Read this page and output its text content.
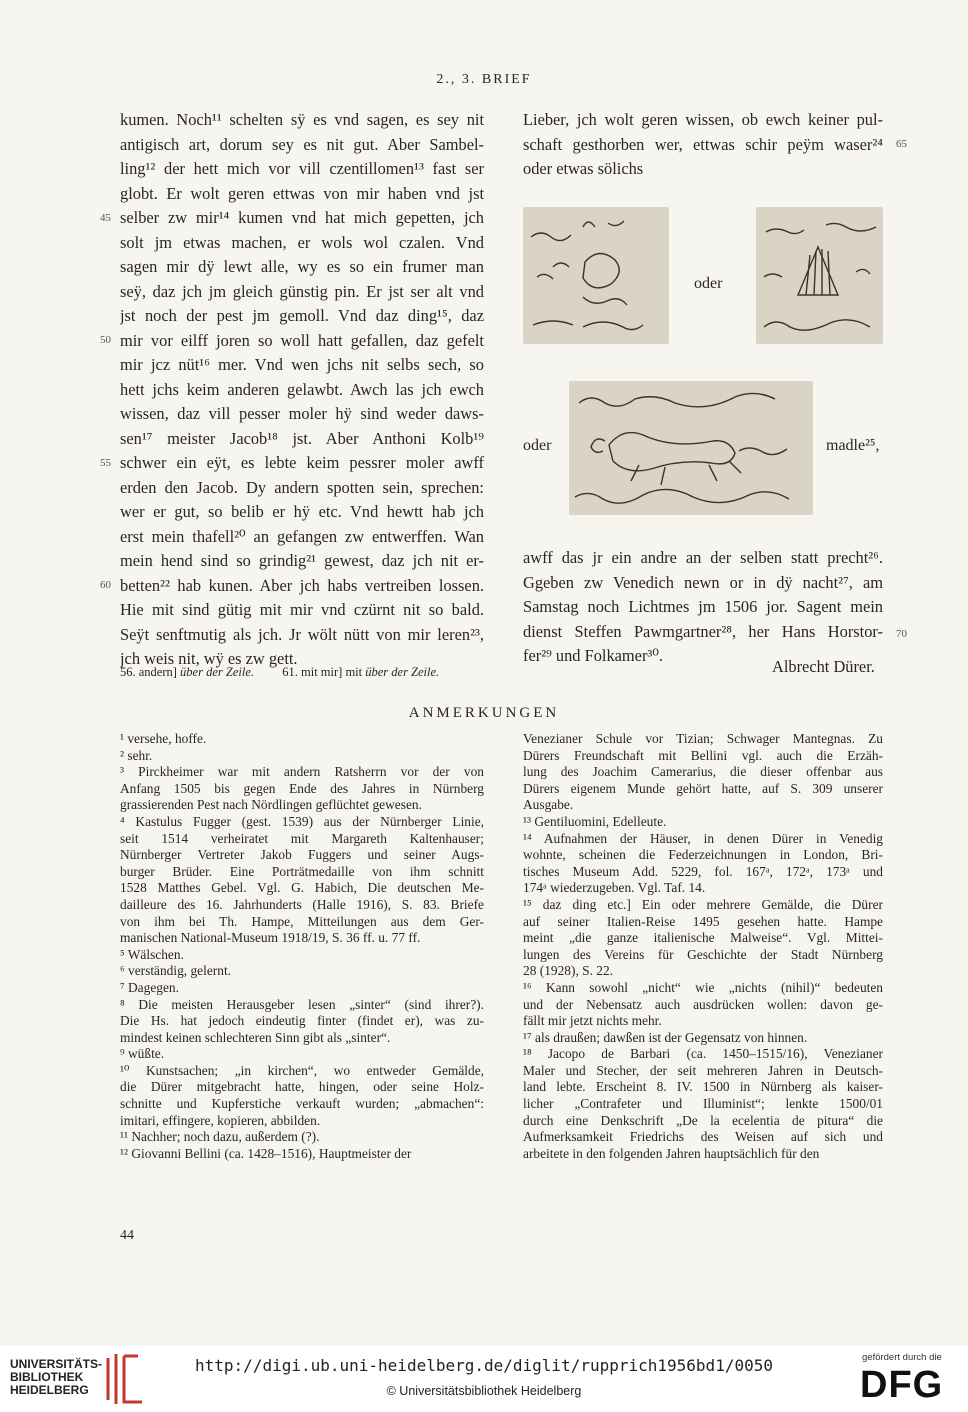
2., 3. BRIEF
kumen. Noch¹¹ schelten sÿ es vnd sagen, es sey nit
antigisch art, dorum sey es nit gut. Aber Sambel-
ling¹² der hett mich vor vill czentillomen¹³ fast ser
globt. Er wolt geren ettwas von mir haben vnd jst
selber zw mir¹⁴ kumen vnd hat mich gepetten, jch
solt jm etwas machen, er wols wol czalen. Vnd
sagen mir dÿ lewt alle, wy es so ein frumer man
seÿ, daz jch jm gleich günstig pin. Er jst ser alt vnd
jst noch der pest jm gemoll. Vnd daz ding¹⁵, daz
mir vor eilff joren so woll hatt gefallen, daz gefelt
mir jcz nüt¹⁶ mer. Vnd wen jchs nit selbs sech, so
hett jchs keim anderen gelawbt. Awch las jch ewch
wissen, daz vill pesser moler hÿ sind weder daws-
sen¹⁷ meister Jacob¹⁸ jst. Aber Anthoni Kolb¹⁹
schwer ein eÿt, es lebte keim pessrer moler awff
erden den Jacob. Dy andern spotten sein, sprechen:
wer er gut, so belib er hÿ etc. Vnd hewtt hab jch
erst mein thafell²⁰ an gefangen zw entwerffen. Wan
mein hend sind so grindig²¹ gewest, daz jch nit er-
betten²² hab kunen. Aber jch habs vertreiben lossen.
Hie mit sind gütig mit mir vnd czürnt nit so bald.
Seÿt senftmutig als jch. Jr wölt nütt von mir leren²³,
jch weis nit, wÿ es zw gett.
45
50
55
60
56. andern] über der Zeile. 61. mit mir] mit über der Zeile.
Lieber, jch wolt geren wissen, ob ewch keiner pul-
schaft gesthorben wer, ettwas schir peÿm waser²⁴
oder etwas sölichs
65
oder
oder	madle²⁵,
awff das jr ein andre an der selben statt precht²⁶.
Ggeben zw Venedich newn or in dÿ nacht²⁷, am
Samstag noch Lichtmes jm 1506 jor. Sagent mein
dienst Steffen Pawmgartner²⁸, her Hans Horstor-
fer²⁹ und Folkamer³⁰.
70
Albrecht Dürer.
ANMERKUNGEN
¹ versehe, hoffe.
² sehr.
³ Pirckheimer war mit andern Ratsherrn vor der von
Anfang 1505 bis gegen Ende des Jahres in Nürnberg
grassierenden Pest nach Nördlingen geflüchtet gewesen.
⁴ Kastulus Fugger (gest. 1539) aus der Nürnberger Linie,
seit 1514 verheiratet mit Margareth Kaltenhauser;
Nürnberger Vertreter Jakob Fuggers und seiner Augs-
burger Brüder. Eine Porträtmedaille von ihm schnitt
1528 Matthes Gebel. Vgl. G. Habich, Die deutschen Me-
dailleure des 16. Jahrhunderts (Halle 1916), S. 83. Briefe
von ihm bei Th. Hampe, Mitteilungen aus dem Ger-
manischen National-Museum 1918/19, S. 36 ff. u. 77 ff.
⁵ Wälschen.
⁶ verständig, gelernt.
⁷ Dagegen.
⁸ Die meisten Herausgeber lesen „sinter“ (sind ihrer?).
Die Hs. hat jedoch eindeutig finter (findet er), was zu-
mindest keinen schlechteren Sinn gibt als „sinter“.
⁹ wüßte.
¹⁰ Kunstsachen; „in kirchen“, wo entweder Gemälde,
die Dürer mitgebracht hatte, hingen, oder seine Holz-
schnitte und Kupferstiche verkauft wurden; „abmachen“:
imitari, effingere, kopieren, abbilden.
¹¹ Nachher; noch dazu, außerdem (?).
¹² Giovanni Bellini (ca. 1428–1516), Hauptmeister der
Venezianer Schule vor Tizian; Schwager Mantegnas. Zu
Dürers Freundschaft mit Bellini vgl. auch die Erzäh-
lung des Joachim Camerarius, die dieser offenbar aus
Dürers eigenem Munde gehört hatte, auf S. 309 unserer
Ausgabe.
¹³ Gentiluomini, Edelleute.
¹⁴ Aufnahmen der Häuser, in denen Dürer in Venedig
wohnte, scheinen die Federzeichnungen in London, Bri-
tisches Museum Add. 5229, fol. 167ᵃ, 172ᵃ, 173ᵃ und
174ᵃ wiederzugeben. Vgl. Taf. 14.
¹⁵ daz ding etc.] Ein oder mehrere Gemälde, die Dürer
auf seiner Italien-Reise 1495 gesehen hatte. Hampe
meint „die ganze italienische Malweise“. Vgl. Mittei-
lungen des Vereins für Geschichte der Stadt Nürnberg
28 (1928), S. 22.
¹⁶ Kann sowohl „nicht“ wie „nichts (nihil)“ bedeuten
und der Nebensatz auch ausdrücken wollen: davon ge-
fällt mir jetzt nichts mehr.
¹⁷ als draußen; dawßen ist der Gegensatz von hinnen.
¹⁸ Jacopo de Barbari (ca. 1450–1515/16), Venezianer
Maler und Stecher, der seit mehreren Jahren in Deutsch-
land lebte. Erscheint 8. IV. 1500 in Nürnberg als kaiser-
licher „Contrafeter und Illuminist“; lenkte 1500/01
durch eine Denkschrift „De la ecelentia de pitura“ die
Aufmerksamkeit Friedrichs des Weisen auf sich und
arbeitete in den folgenden Jahren hauptsächlich für den
44
UNIVERSITÄTS-
BIBLIOTHEK
HEIDELBERG
http://digi.ub.uni-heidelberg.de/diglit/rupprich1956bd1/0050
© Universitätsbibliothek Heidelberg
gefördert durch die
DFG
